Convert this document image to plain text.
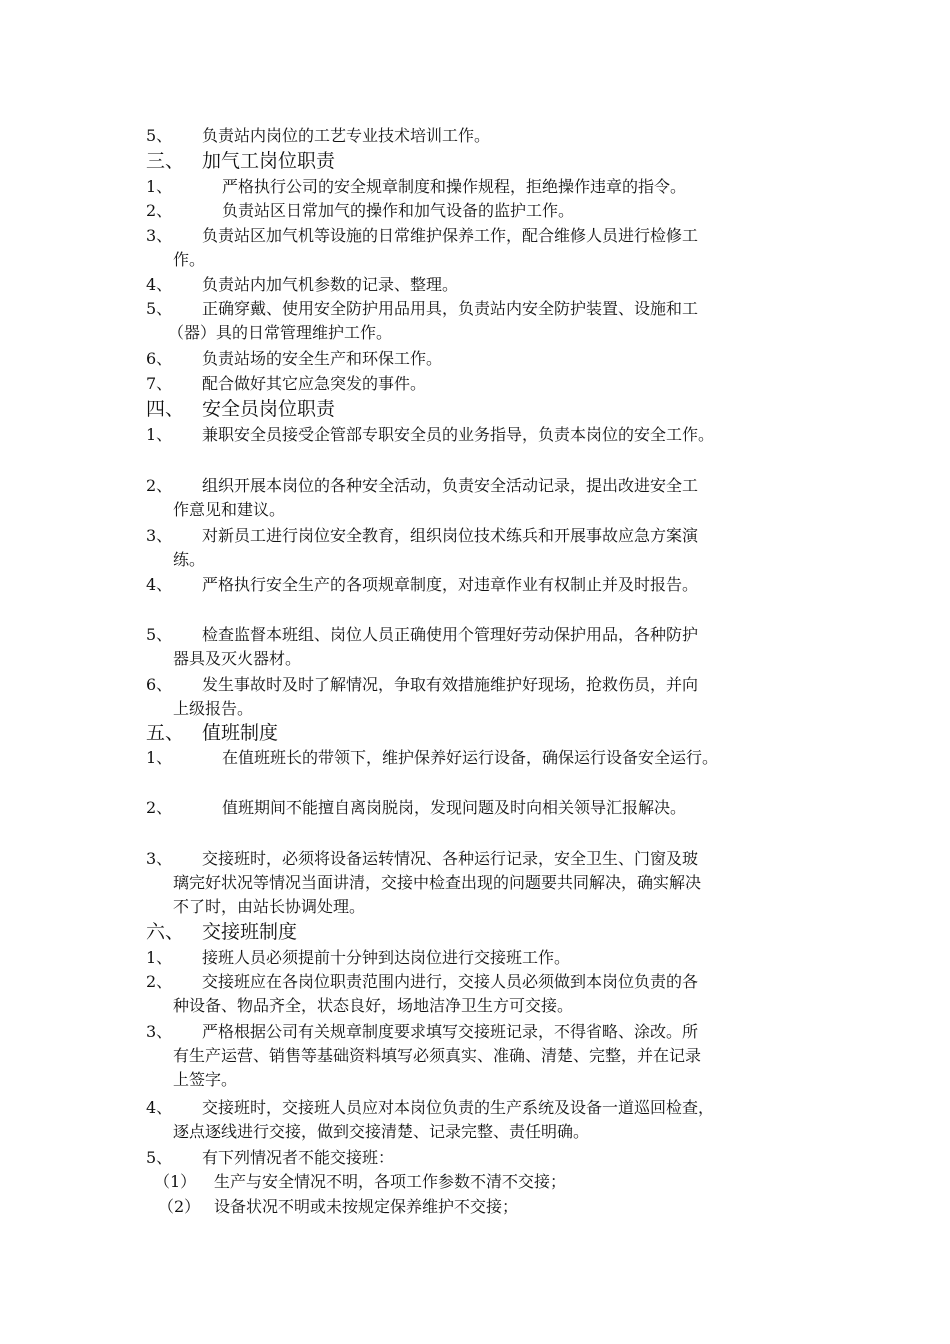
5、 负责站内岗位的工艺专业技术培训工作。
三、 加气工岗位职责
1、	严格执行公司的安全规章制度和操作规程，拒绝操作违章的指令。
2、	负责站区日常加气的操作和加气设备的监护工作。
3、 负责站区加气机等设施的日常维护保养工作，配合维修人员进行检修工
作。
4、 负责站内加气机参数的记录、整理。
5、 正确穿戴、使用安全防护用品用具，负责站内安全防护装置、设施和工
（器）具的日常管理维护工作。
6、 负责站场的安全生产和环保工作。
7、 配合做好其它应急突发的事件。
四、 安全员岗位职责
1、 兼职安全员接受企管部专职安全员的业务指导，负责本岗位的安全工作。
2、 组织开展本岗位的各种安全活动，负责安全活动记录，提出改进安全工
作意见和建议。
3、 对新员工进行岗位安全教育，组织岗位技术练兵和开展事故应急方案演
练。
4、 严格执行安全生产的各项规章制度，对违章作业有权制止并及时报告。
5、 检查监督本班组、岗位人员正确使用个管理好劳动保护用品，各种防护
器具及灭火器材。
6、 发生事故时及时了解情况，争取有效措施维护好现场，抢救伤员，并向
上级报告。
五、 值班制度
1、	在值班班长的带领下，维护保养好运行设备，确保运行设备安全运行。
2、	值班期间不能擅自离岗脱岗，发现问题及时向相关领导汇报解决。
3、 交接班时，必须将设备运转情况、各种运行记录，安全卫生、门窗及玻
璃完好状况等情况当面讲清，交接中检查出现的问题要共同解决，确实解决
不了时，由站长协调处理。
六、 交接班制度
1、 接班人员必须提前十分钟到达岗位进行交接班工作。
2、 交接班应在各岗位职责范围内进行，交接人员必须做到本岗位负责的各
种设备、物品齐全，状态良好，场地洁净卫生方可交接。
3、 严格根据公司有关规章制度要求填写交接班记录，不得省略、涂改。所
有生产运营、销售等基础资料填写必须真实、准确、清楚、完整，并在记录
上签字。
4、 交接班时，交接班人员应对本岗位负责的生产系统及设备一道巡回检查，
逐点逐线进行交接，做到交接清楚、记录完整、责任明确。
5、 有下列情况者不能交接班：
（1） 生产与安全情况不明，各项工作参数不清不交接；
（2） 设备状况不明或未按规定保养维护不交接；
